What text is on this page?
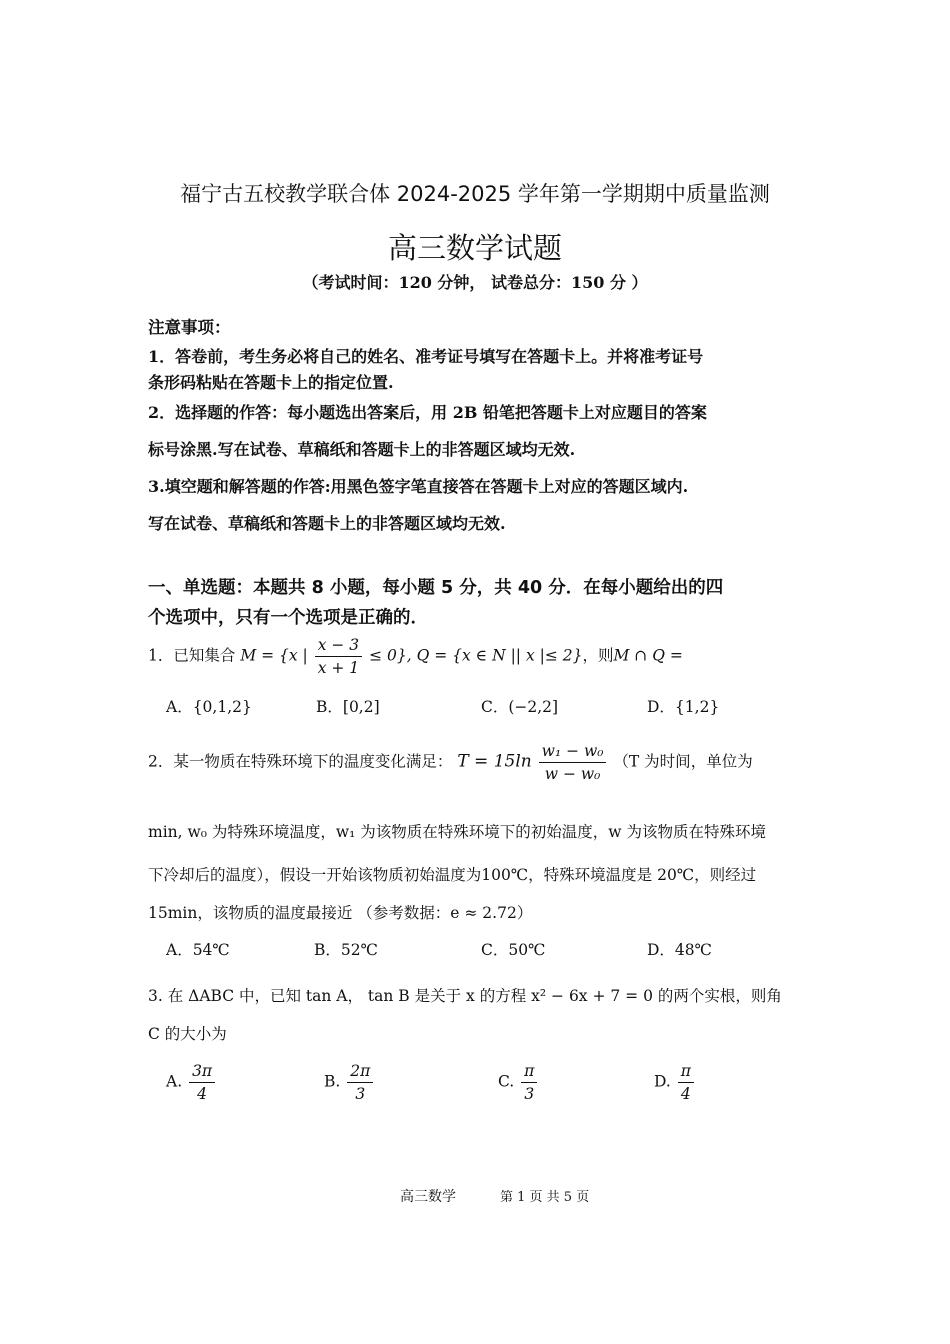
福宁古五校教学联合体 2024-2025 学年第一学期期中质量监测
高三数学试题
（考试时间：120 分钟， 试卷总分：150 分 ）
注意事项：
1．答卷前，考生务必将自己的姓名、准考证号填写在答题卡上。并将准考证号
条形码粘贴在答题卡上的指定位置.
2．选择题的作答：每小题选出答案后，用 2B 铅笔把答题卡上对应题目的答案
标号涂黑.写在试卷、草稿纸和答题卡上的非答题区域均无效.
3.填空题和解答题的作答:用黑色签字笔直接答在答题卡上对应的答题区域内.
写在试卷、草稿纸和答题卡上的非答题区域均无效.
一、单选题：本题共 8 小题，每小题 5 分，共 40 分．在每小题给出的四
个选项中，只有一个选项是正确的．
1．已知集合 M = {x | $\frac{x - 3}{x + 1} \le 0$}, Q = {x ∈ N || x |≤ 2}，则M ∩ Q =
A．{0,1,2}	B．[0,2]	C．(−2,2]	D．{1,2}
2．某一物质在特殊环境下的温度变化满足： $T = 15\ln \frac{\text{w₁ − w₀}}{\text{w − w₀}} (T$ 为时间，单位为
min, w₀ 为特殊环境温度，w₁ 为该物质在特殊环境下的初始温度，w 为该物质在特殊环境
下冷却后的温度），假设一开始该物质初始温度为100℃，特殊环境温度是 20℃，则经过
15min，该物质的温度最接近 （参考数据：e ≈ 2.72）
A．54℃	B．52℃	C．50℃	D．48℃
3. 在 ΔABC 中，已知 tan A， tan B 是关于 x 的方程 x² − 6x + 7 = 0 的两个实根，则角
C 的大小为
A. $\frac{3\pi}{4}$	B. $\frac{2\pi}{3}$	C. $\frac{\pi}{3}$	D. $\frac{\pi}{4}$
高三数学	第 1 页 共 5 页
